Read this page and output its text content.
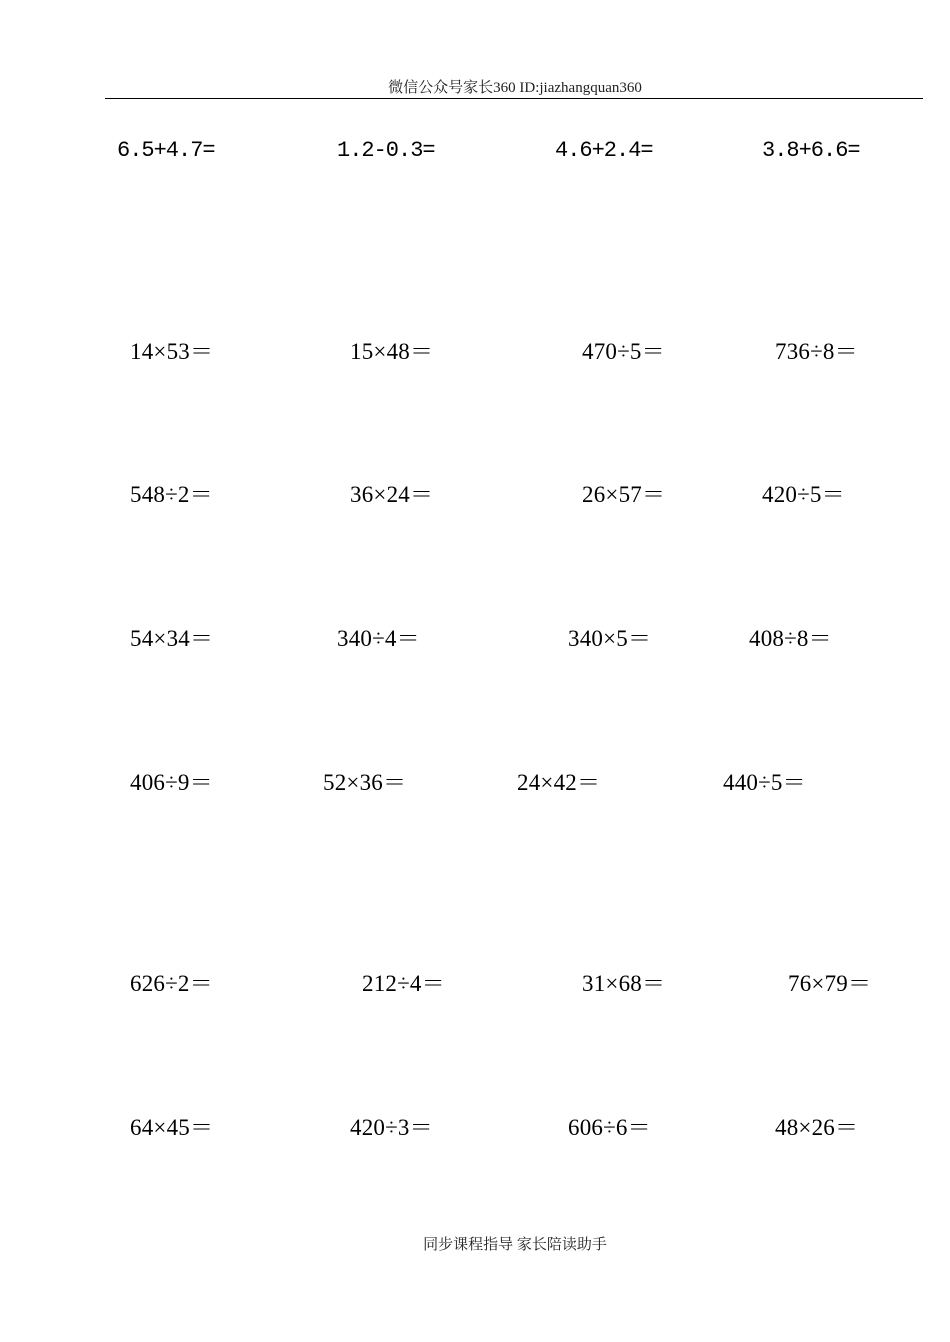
微信公众号家长360 ID:jiazhangquan360
6.5+4.7=	1.2-0.3=	4.6+2.4=	3.8+6.6=
14×53＝	15×48＝	470÷5＝	736÷8＝
548÷2＝	36×24＝	26×57＝	420÷5＝
54×34＝	340÷4＝	340×5＝	408÷8＝
406÷9＝	52×36＝	24×42＝	440÷5＝
626÷2＝	212÷4＝	31×68＝	76×79＝
64×45＝	420÷3＝	606÷6＝	48×26＝
同步课程指导 家长陪读助手
